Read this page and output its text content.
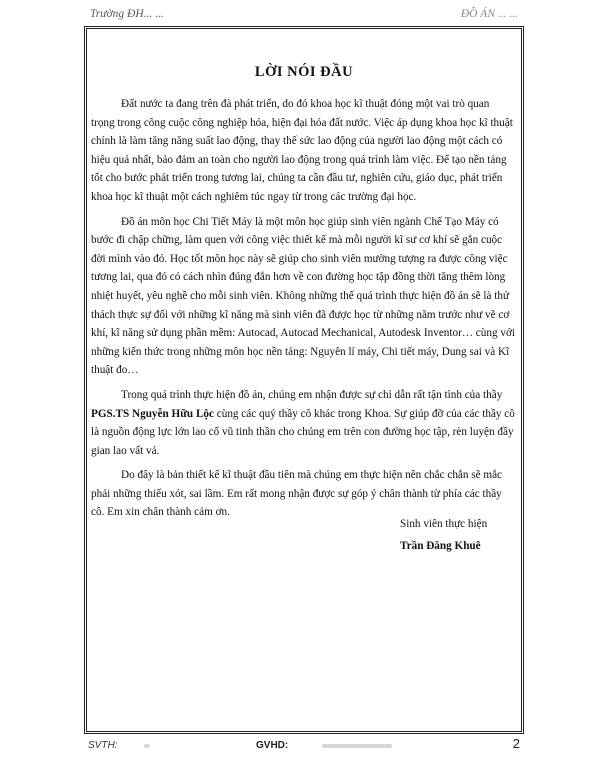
Trường ĐH... ...	ĐỒ ÁN ... ...
LỜI NÓI ĐẦU

Đất nước ta đang trên đà phát triển, do đó khoa học kĩ thuật đóng một vai trò quan trọng trong công cuộc công nghiệp hóa, hiện đại hóa đất nước. Việc áp dụng khoa học kĩ thuật chính là làm tăng năng suất lao động, thay thế sức lao động của người lao động một cách có hiệu quả nhất, bảo đảm an toàn cho người lao động trong quá trình làm việc. Để tạo nền tảng tốt cho bước phát triển trong tương lai, chúng ta cần đầu tư, nghiên cứu, giáo dục, phát triển khoa học kĩ thuật một cách nghiêm túc ngay từ trong các trường đại học.

Đồ án môn học Chi Tiết Máy là một môn học giúp sinh viên ngành Chế Tạo Máy có bước đi chập chững, làm quen với công việc thiết kế mà mỗi người kĩ sư cơ khí sẽ gắn cuộc đời mình vào đó. Học tốt môn học này sẽ giúp cho sinh viên mường tượng ra được công việc tương lai, qua đó có cách nhìn đúng đắn hơn về con đường học tập đồng thời tăng thêm lòng nhiệt huyết, yêu nghề cho mỗi sinh viên. Không những thế quá trình thực hiện đồ án sẽ là thử thách thực sự đối với những kĩ năng mà sinh viên đã được học từ những năm trước như vẽ cơ khí, kĩ năng sử dụng phần mềm: Autocad, Autocad Mechanical, Autodesk Inventor… cùng với những kiến thức trong những môn học nền tảng: Nguyên lí máy, Chi tiết máy, Dung sai và Kĩ thuật đo…

Trong quá trình thực hiện đồ án, chúng em nhận được sự chỉ dẫn rất tận tình của thầy PGS.TS Nguyễn Hữu Lộc cùng các quý thầy cô khác trong Khoa. Sự giúp đỡ của các thầy cô là nguồn động lực lớn lao cổ vũ tinh thần cho chúng em trên con đường học tập, rèn luyện đầy gian lao vất vả.

Do đây là bản thiết kế kĩ thuật đầu tiên mà chúng em thực hiện nên chắc chắn sẽ mắc phải những thiếu xót, sai lầm. Em rất mong nhận được sự góp ý chân thành từ phía các thầy cô. Em xin chân thành cảm ơn.

Sinh viên thực hiện
Trần Đăng Khuê
SVTH:	GVHD:	2
